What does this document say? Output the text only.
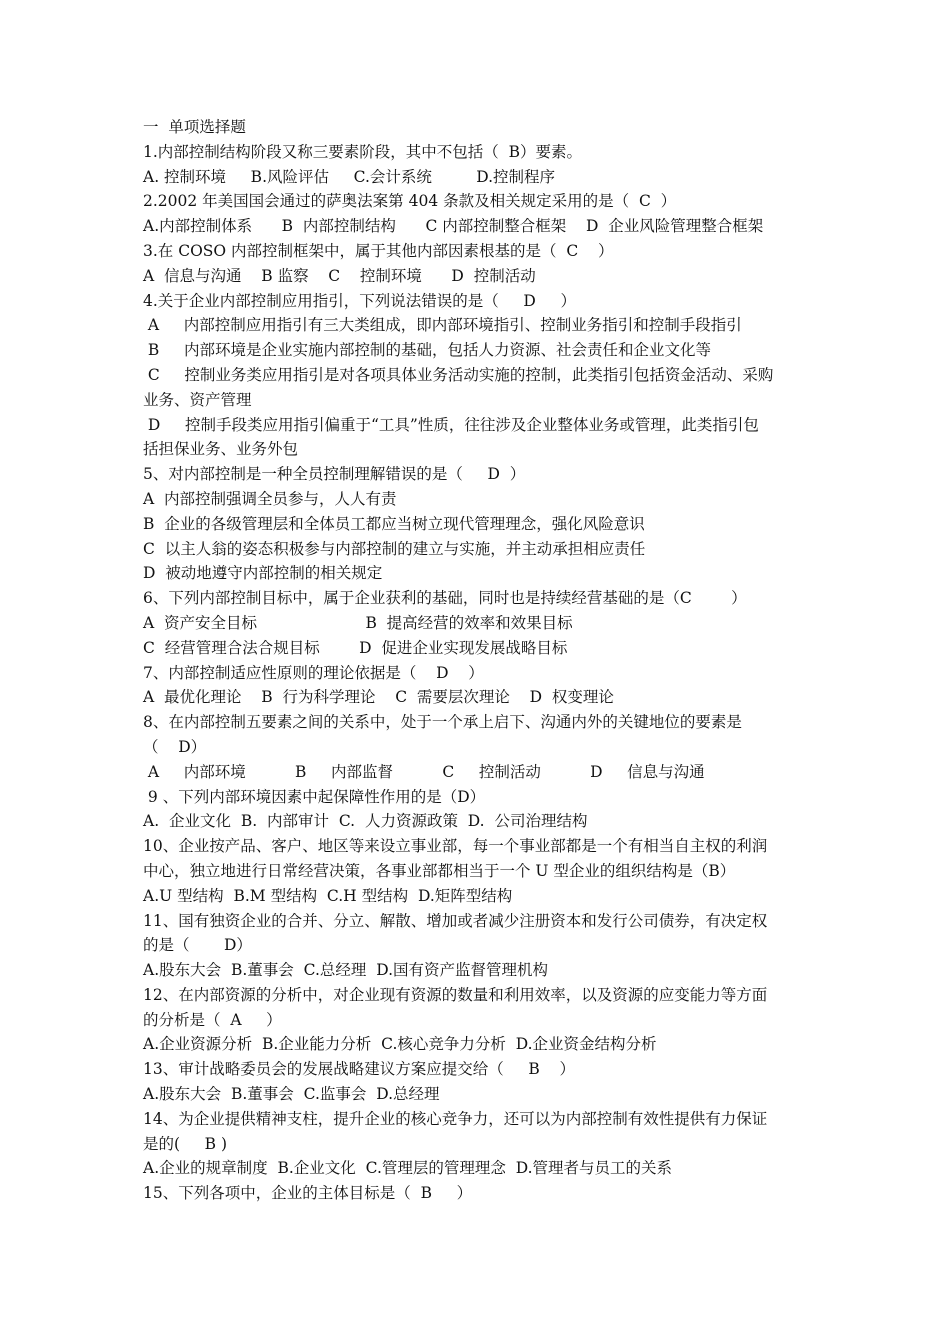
一  单项选择题
1.内部控制结构阶段又称三要素阶段，其中不包括（  B）要素。
A. 控制环境     B.风险评估     C.会计系统         D.控制程序
2.2002 年美国国会通过的萨奥法案第 404 条款及相关规定采用的是（  C  ）
A.内部控制体系      B  内部控制结构      C 内部控制整合框架    D  企业风险管理整合框架
3.在 COSO 内部控制框架中，属于其他内部因素根基的是（  C    ）
A  信息与沟通    B 监察    C    控制环境      D  控制活动
4.关于企业内部控制应用指引，下列说法错误的是（     D     ）
A     内部控制应用指引有三大类组成，即内部环境指引、控制业务指引和控制手段指引
B     内部环境是企业实施内部控制的基础，包括人力资源、社会责任和企业文化等
C     控制业务类应用指引是对各项具体业务活动实施的控制，此类指引包括资金活动、采购
业务、资产管理
D     控制手段类应用指引偏重于“工具”性质，往往涉及企业整体业务或管理，此类指引包
括担保业务、业务外包
5、对内部控制是一种全员控制理解错误的是（     D  ）
A  内部控制强调全员参与，人人有责
B  企业的各级管理层和全体员工都应当树立现代管理理念，强化风险意识
C  以主人翁的姿态积极参与内部控制的建立与实施，并主动承担相应责任
D  被动地遵守内部控制的相关规定
6、下列内部控制目标中，属于企业获利的基础，同时也是持续经营基础的是（C        ）
A  资产安全目标                      B  提高经营的效率和效果目标
C  经营管理合法合规目标        D  促进企业实现发展战略目标
7、内部控制适应性原则的理论依据是（    D    ）
A  最优化理论    B  行为科学理论    C  需要层次理论    D  权变理论
8、在内部控制五要素之间的关系中，处于一个承上启下、沟通内外的关键地位的要素是
（    D）
A     内部环境          B     内部监督          C     控制活动          D     信息与沟通
9 、下列内部环境因素中起保障性作用的是（D）
A.  企业文化  B.  内部审计  C.  人力资源政策  D.  公司治理结构
10、企业按产品、客户、地区等来设立事业部，每一个事业部都是一个有相当自主权的利润
中心，独立地进行日常经营决策，各事业部都相当于一个 U 型企业的组织结构是（B）
A.U 型结构  B.M 型结构  C.H 型结构  D.矩阵型结构
11、国有独资企业的合并、分立、解散、增加或者减少注册资本和发行公司债券，有决定权
的是（       D）
A.股东大会  B.董事会  C.总经理  D.国有资产监督管理机构
12、在内部资源的分析中，对企业现有资源的数量和利用效率，以及资源的应变能力等方面
的分析是（  A     ）
A.企业资源分析  B.企业能力分析  C.核心竞争力分析  D.企业资金结构分析
13、审计战略委员会的发展战略建议方案应提交给（     B    ）
A.股东大会  B.董事会  C.监事会  D.总经理
14、为企业提供精神支柱，提升企业的核心竞争力，还可以为内部控制有效性提供有力保证
是的(     B )
A.企业的规章制度  B.企业文化  C.管理层的管理理念  D.管理者与员工的关系
15、下列各项中，企业的主体目标是（  B     ）
